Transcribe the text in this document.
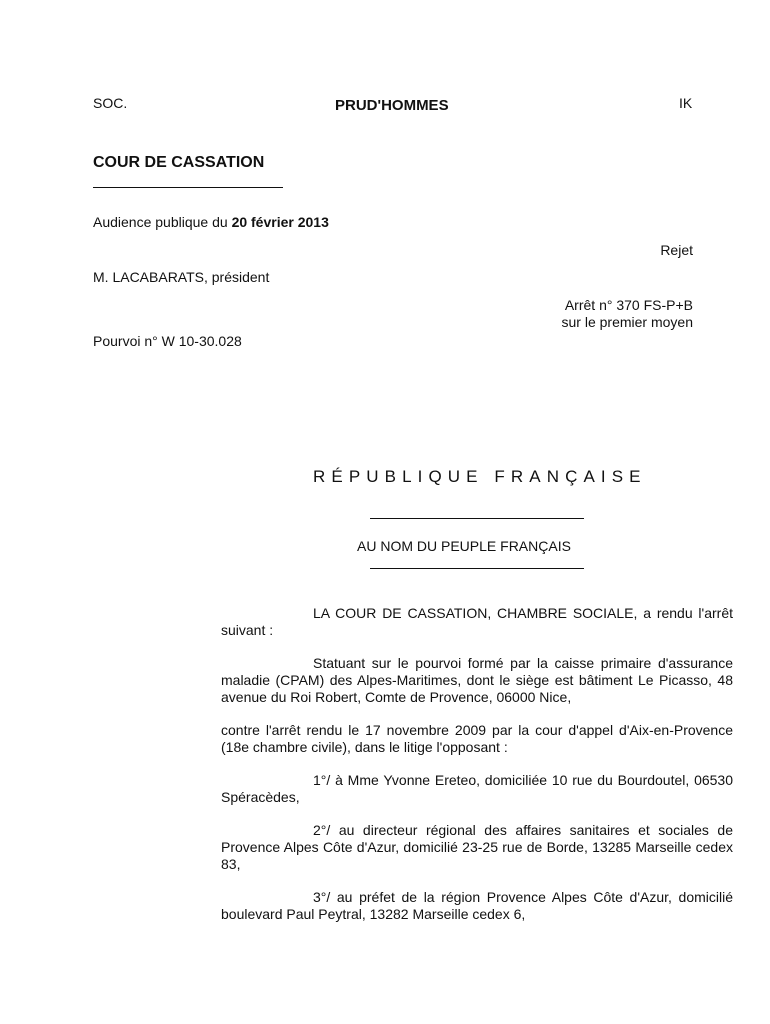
SOC.	PRUD'HOMMES	IK
COUR DE CASSATION
Audience publique du 20 février 2013
Rejet
M. LACABARATS, président
Arrêt n° 370 FS-P+B
sur le premier moyen
Pourvoi n° W 10-30.028
RÉPUBLIQUE FRANÇAISE
AU NOM DU PEUPLE FRANÇAIS

LA COUR DE CASSATION, CHAMBRE SOCIALE, a rendu l'arrêt suivant :

Statuant sur le pourvoi formé par la caisse primaire d'assurance maladie (CPAM) des Alpes-Maritimes, dont le siège est bâtiment Le Picasso, 48 avenue du Roi Robert, Comte de Provence, 06000 Nice,

contre l'arrêt rendu le 17 novembre 2009 par la cour d'appel d'Aix-en-Provence (18e chambre civile), dans le litige l'opposant :

1°/ à Mme Yvonne Ereteo, domiciliée 10 rue du Bourdoutel, 06530 Spéracèdes,

2°/ au directeur régional des affaires sanitaires et sociales de Provence Alpes Côte d'Azur, domicilié 23-25 rue de Borde, 13285 Marseille cedex 83,

3°/ au préfet de la région Provence Alpes Côte d'Azur, domicilié boulevard Paul Peytral, 13282 Marseille cedex 6,
